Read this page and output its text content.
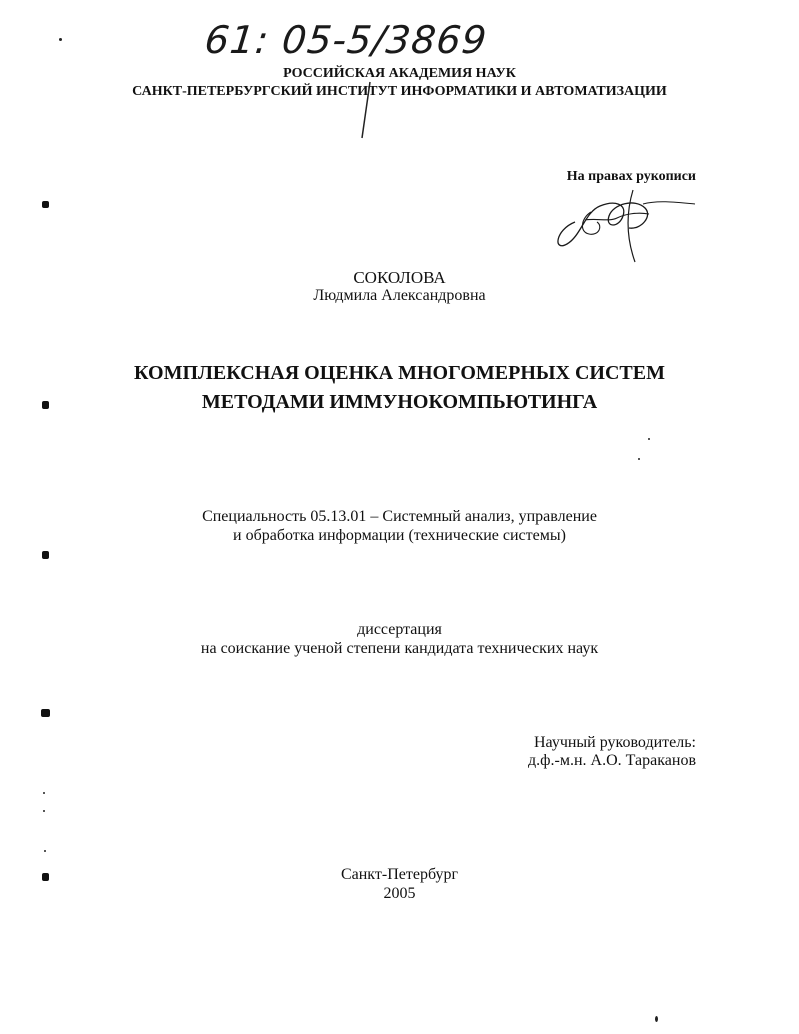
61: 05-5/3869
РОССИЙСКАЯ АКАДЕМИЯ НАУК
САНКТ-ПЕТЕРБУРГСКИЙ ИНСТИТУТ ИНФОРМАТИКИ И АВТОМАТИЗАЦИИ
На правах рукописи
СОКОЛОВА
Людмила Александровна
КОМПЛЕКСНАЯ ОЦЕНКА МНОГОМЕРНЫХ СИСТЕМ
МЕТОДАМИ ИММУНОКОМПЬЮТИНГА
Специальность 05.13.01 – Системный анализ, управление
и обработка информации (технические системы)
диссертация
на соискание ученой степени кандидата технических наук
Научный руководитель:
д.ф.-м.н. А.О. Тараканов
Санкт-Петербург
2005
